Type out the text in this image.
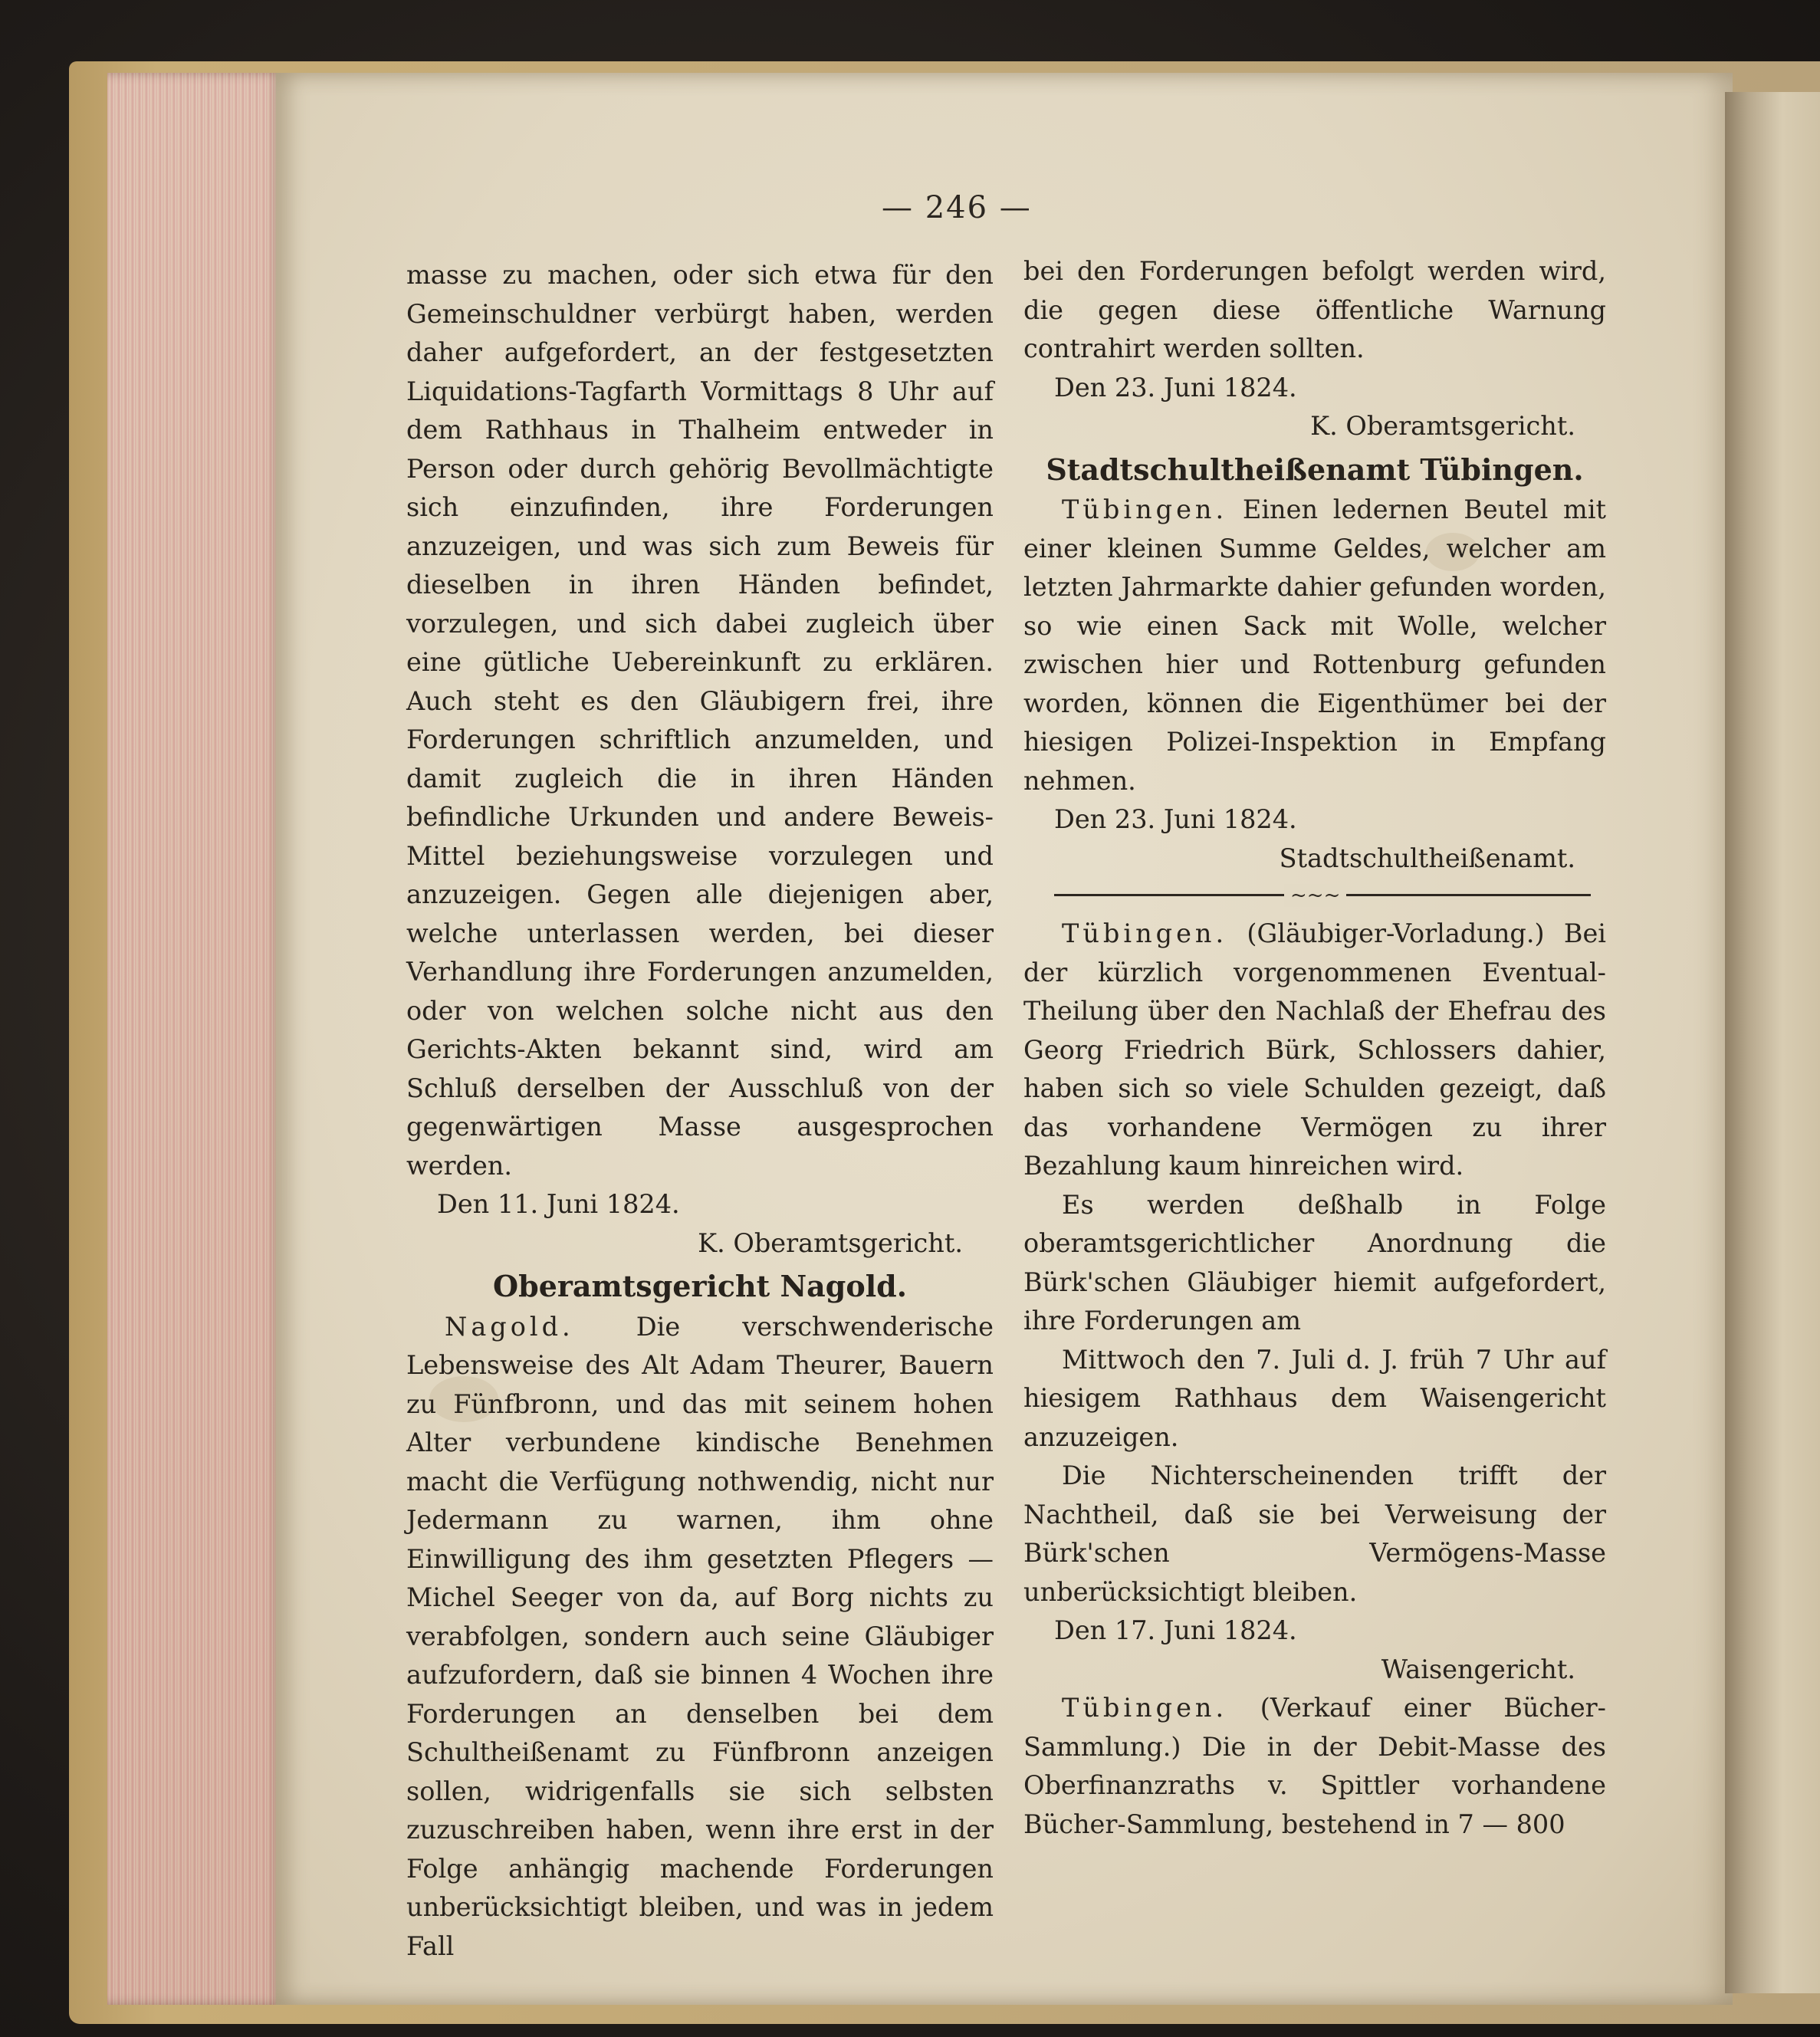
— 246 —

masse zu machen, oder sich etwa für den Gemeinschuldner verbürgt haben, werden daher aufgefordert, an der festgesetzten Liquidations-Tagfarth Vormittags 8 Uhr auf dem Rathhaus in Thalheim entweder in Person oder durch gehörig Bevollmächtigte sich einzufinden, ihre Forderungen anzuzeigen, und was sich zum Beweis für dieselben in ihren Händen befindet, vorzulegen, und sich dabei zugleich über eine gütliche Uebereinkunft zu erklären. Auch steht es den Gläubigern frei, ihre Forderungen schriftlich anzumelden, und damit zugleich die in ihren Händen befindliche Urkunden und andere Beweis-Mittel beziehungsweise vorzulegen und anzuzeigen. Gegen alle diejenigen aber, welche unterlassen werden, bei dieser Verhandlung ihre Forderungen anzumelden, oder von welchen solche nicht aus den Gerichts-Akten bekannt sind, wird am Schluß derselben der Ausschluß von der gegenwärtigen Masse ausgesprochen werden.

Den 11. Juni 1824.

K. Oberamtsgericht.

Oberamtsgericht Nagold.

Nagold. Die verschwenderische Lebensweise des Alt Adam Theurer, Bauern zu Fünfbronn, und das mit seinem hohen Alter verbundene kindische Benehmen macht die Verfügung nothwendig, nicht nur Jedermann zu warnen, ihm ohne Einwilligung des ihm gesetzten Pflegers — Michel Seeger von da, auf Borg nichts zu verabfolgen, sondern auch seine Gläubiger aufzufordern, daß sie binnen 4 Wochen ihre Forderungen an denselben bei dem Schultheißenamt zu Fünfbronn anzeigen sollen, widrigenfalls sie sich selbsten zuzuschreiben haben, wenn ihre erst in der Folge anhängig machende Forderungen unberücksichtigt bleiben, und was in jedem Fall

bei den Forderungen befolgt werden wird, die gegen diese öffentliche Warnung contrahirt werden sollten.

Den 23. Juni 1824.

K. Oberamtsgericht.

Stadtschultheißenamt Tübingen.

Tübingen. Einen ledernen Beutel mit einer kleinen Summe Geldes, welcher am letzten Jahrmarkte dahier gefunden worden, so wie einen Sack mit Wolle, welcher zwischen hier und Rottenburg gefunden worden, können die Eigenthümer bei der hiesigen Polizei-Inspektion in Empfang nehmen.

Den 23. Juni 1824.

Stadtschultheißenamt.

~~~

Tübingen. (Gläubiger-Vorladung.) Bei der kürzlich vorgenommenen Eventual-Theilung über den Nachlaß der Ehefrau des Georg Friedrich Bürk, Schlossers dahier, haben sich so viele Schulden gezeigt, daß das vorhandene Vermögen zu ihrer Bezahlung kaum hinreichen wird.

Es werden deßhalb in Folge oberamtsgerichtlicher Anordnung die Bürk'schen Gläubiger hiemit aufgefordert, ihre Forderungen am

Mittwoch den 7. Juli d. J. früh 7 Uhr auf hiesigem Rathhaus dem Waisengericht anzuzeigen.

Die Nichterscheinenden trifft der Nachtheil, daß sie bei Verweisung der Bürk'schen Vermögens-Masse unberücksichtigt bleiben.

Den 17. Juni 1824.

Waisengericht.

Tübingen. (Verkauf einer Bücher-Sammlung.) Die in der Debit-Masse des Oberfinanzraths v. Spittler vorhandene Bücher-Sammlung, bestehend in 7 — 800
